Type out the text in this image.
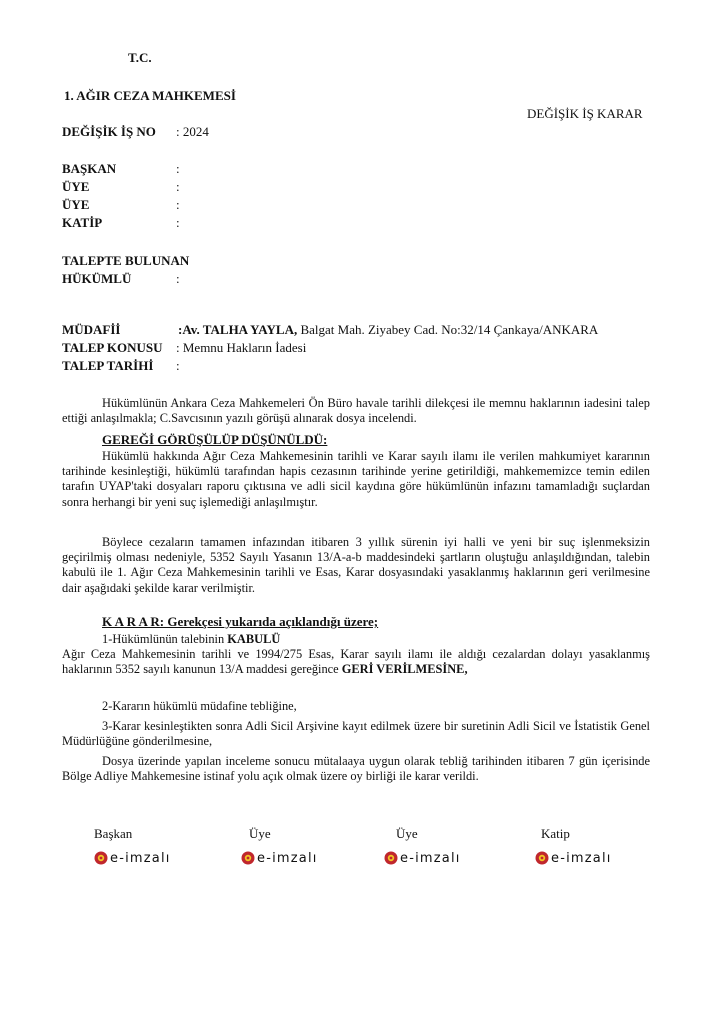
T.C.
1. AĞIR CEZA MAHKEMESİ
DEĞİŞİK İŞ KARAR
DEĞİŞİK İŞ NO : 2024
BAŞKAN	:
ÜYE	:
ÜYE	:
KATİP	:
TALEPTE BULUNAN
HÜKÜMLÜ	:
MÜDAFİİ	:Av. TALHA YAYLA, Balgat Mah. Ziyabey Cad. No:32/14 Çankaya/ANKARA
TALEP KONUSU : Memnu Hakların İadesi
TALEP TARİHİ :
Hükümlünün Ankara Ceza Mahkemeleri Ön Büro havale tarihli dilekçesi ile memnu haklarının iadesini talep ettiği anlaşılmakla; C.Savcısının yazılı görüşü alınarak dosya incelendi.
GEREĞİ GÖRÜŞÜLÜP DÜŞÜNÜLDÜ:
Hükümlü hakkında Ağır Ceza Mahkemesinin tarihli ve Karar sayılı ilamı ile verilen mahkumiyet kararının tarihinde kesinleştiği, hükümlü tarafından hapis cezasının tarihinde yerine getirildiği, mahkememizce temin edilen tarafın UYAP'taki dosyaları raporu çıktısına ve adli sicil kaydına göre hükümlünün infazını tamamladığı suçlardan sonra herhangi bir yeni suç işlemediği anlaşılmıştır.
Böylece cezaların tamamen infazından itibaren 3 yıllık sürenin iyi halli ve yeni bir suç işlenmeksizin geçirilmiş olması nedeniyle, 5352 Sayılı Yasanın 13/A-a-b maddesindeki şartların oluştuğu anlaşıldığından, talebin kabulü ile 1. Ağır Ceza Mahkemesinin tarihli ve Esas, Karar dosyasındaki yasaklanmış haklarının geri verilmesine dair aşağıdaki şekilde karar verilmiştir.
K A R A R: Gerekçesi yukarıda açıklandığı üzere;
1-Hükümlünün talebinin KABULÜ
Ağır Ceza Mahkemesinin tarihli ve 1994/275 Esas, Karar sayılı ilamı ile aldığı cezalardan dolayı yasaklanmış haklarının 5352 sayılı kanunun 13/A maddesi gereğince GERİ VERİLMESİNE,
2-Kararın hükümlü müdafine tebliğine,
3-Karar kesinleştikten sonra Adli Sicil Arşivine kayıt edilmek üzere bir suretinin Adli Sicil ve İstatistik Genel Müdürlüğüne gönderilmesine,
Dosya üzerinde yapılan inceleme sonucu mütalaaya uygun olarak tebliğ tarihinden itibaren 7 gün içerisinde Bölge Adliye Mahkemesine istinaf yolu açık olmak üzere oy birliği ile karar verildi.
Başkan	Üye	Üye	Katip
e-imzalı	e-imzalı	e-imzalı	e-imzalı
